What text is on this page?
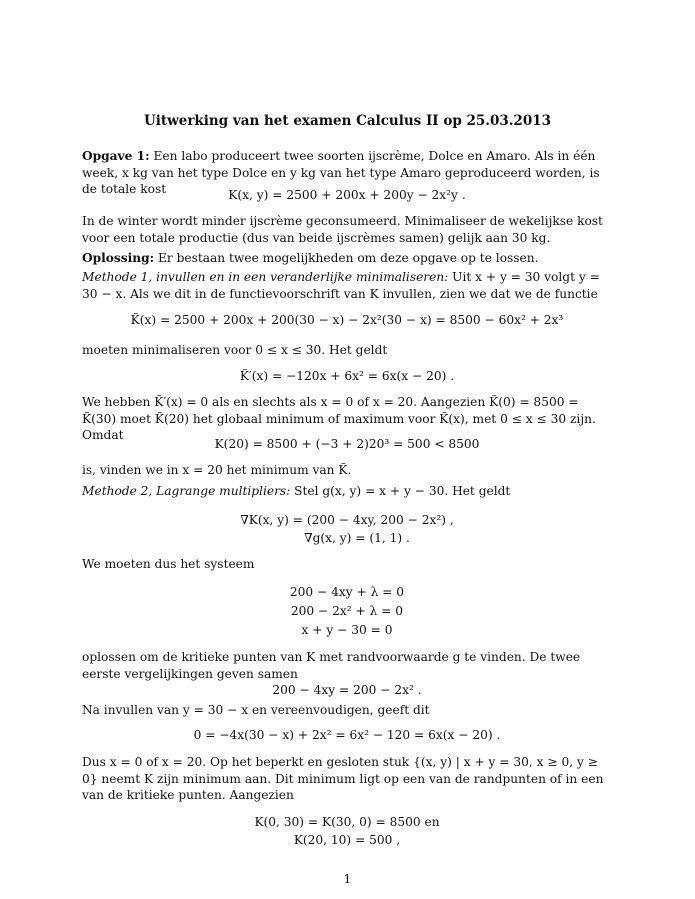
Uitwerking van het examen Calculus II op 25.03.2013

Opgave 1: Een labo produceert twee soorten ijscrème, Dolce en Amaro. Als in één week, x kg van het type Dolce en y kg van het type Amaro geproduceerd worden, is de totale kost	K(x, y) = 2500 + 200x + 200y − 2x²y .

In de winter wordt minder ijscrème geconsumeerd. Minimaliseer de wekelijkse kost voor een totale productie (dus van beide ijscrèmes samen) gelijk aan 30 kg.

Oplossing: Er bestaan twee mogelijkheden om deze opgave op te lossen.

Methode 1, invullen en in een veranderlijke minimaliseren: Uit x + y = 30 volgt y = 30 − x. Als we dit in de functievoorschrift van K invullen, zien we dat we de functie

K̃(x) = 2500 + 200x + 200(30 − x) − 2x²(30 − x) = 8500 − 60x² + 2x³

moeten minimaliseren voor 0 ≤ x ≤ 30. Het geldt

K̃′(x) = −120x + 6x² = 6x(x − 20) .

We hebben K̃′(x) = 0 als en slechts als x = 0 of x = 20. Aangezien K̃(0) = 8500 = K̃(30) moet K̃(20) het globaal minimum of maximum voor K̃(x), met 0 ≤ x ≤ 30 zijn. Omdat

K(20) = 8500 + (−3 + 2)20³ = 500 < 8500

is, vinden we in x = 20 het minimum van K̃.

Methode 2, Lagrange multipliers: Stel g(x, y) = x + y − 30. Het geldt

∇K(x, y) = (200 − 4xy, 200 − 2x²) ,

∇g(x, y) = (1, 1) .

We moeten dus het systeem

200 − 4xy + λ = 0

200 − 2x² + λ = 0

x + y − 30 = 0

oplossen om de kritieke punten van K met randvoorwaarde g te vinden. De twee eerste vergelijkingen geven samen

200 − 4xy = 200 − 2x² .

Na invullen van y = 30 − x en vereenvoudigen, geeft dit

0 = −4x(30 − x) + 2x² = 6x² − 120 = 6x(x − 20) .

Dus x = 0 of x = 20. Op het beperkt en gesloten stuk {(x, y) | x + y = 30, x ≥ 0, y ≥ 0} neemt K zijn minimum aan. Dit minimum ligt op een van de randpunten of in een van de kritieke punten. Aangezien

K(0, 30) = K(30, 0) = 8500 en

K(20, 10) = 500 ,

1
